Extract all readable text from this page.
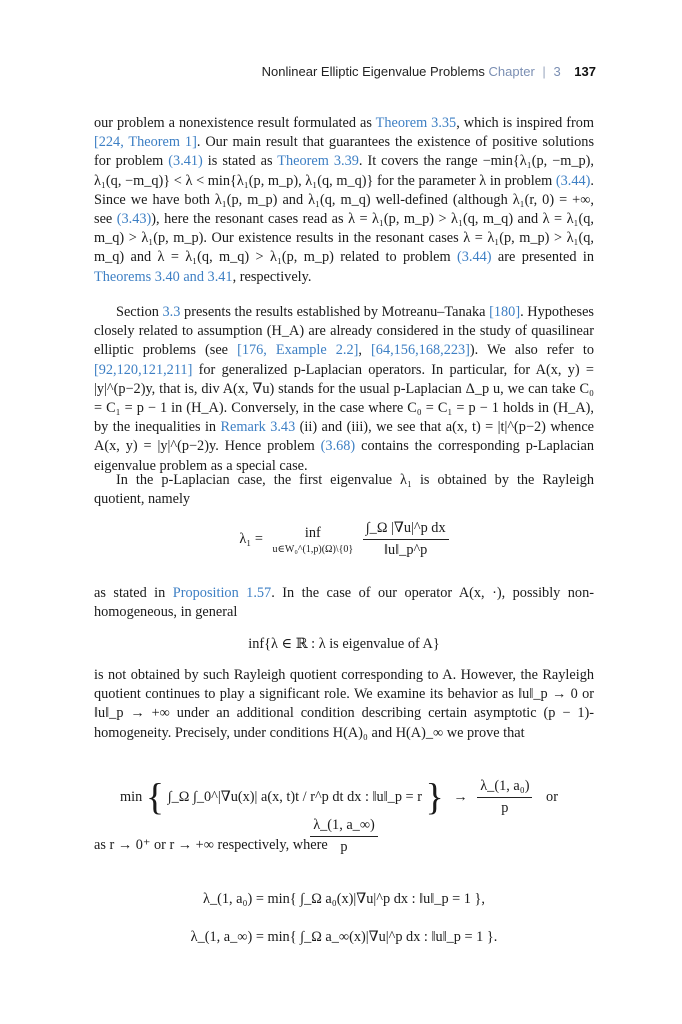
Nonlinear Elliptic Eigenvalue Problems Chapter | 3 137

our problem a nonexistence result formulated as Theorem 3.35, which is inspired from [224, Theorem 1]. Our main result that guarantees the existence of positive solutions for problem (3.41) is stated as Theorem 3.39. It covers the range −min{λ₁(p, −m_p), λ₁(q, −m_q)} < λ < min{λ₁(p, m_p), λ₁(q, m_q)} for the parameter λ in problem (3.44). Since we have both λ₁(p, m_p) and λ₁(q, m_q) well-defined (although λ₁(r, 0) = +∞, see (3.43)), here the resonant cases read as λ = λ₁(p, m_p) > λ₁(q, m_q) and λ = λ₁(q, m_q) > λ₁(p, m_p). Our existence results in the resonant cases λ = λ₁(p, m_p) > λ₁(q, m_q) and λ = λ₁(q, m_q) > λ₁(p, m_p) related to problem (3.44) are presented in Theorems 3.40 and 3.41, respectively.

Section 3.3 presents the results established by Motreanu–Tanaka [180]. Hypotheses closely related to assumption (H_A) are already considered in the study of quasilinear elliptic problems (see [176, Example 2.2], [64,156,168,223]). We also refer to [92,120,121,211] for generalized p-Laplacian operators. In particular, for A(x, y) = |y|^(p−2)y, that is, div A(x, ∇u) stands for the usual p-Laplacian Δ_p u, we can take C₀ = C₁ = p − 1 in (H_A). Conversely, in the case where C₀ = C₁ = p − 1 holds in (H_A), by the inequalities in Remark 3.43 (ii) and (iii), we see that a(x, t) = |t|^(p−2) whence A(x, y) = |y|^(p−2)y. Hence problem (3.68) contains the corresponding p-Laplacian eigenvalue problem as a special case.

In the p-Laplacian case, the first eigenvalue λ₁ is obtained by the Rayleigh quotient, namely

λ₁ =	inf
u∈W₀^(1,p)(Ω)\{0}
$\frac{\text{∫\_Ω |∇u|\textasciicircum{}p dx}}{‖u‖\_p\^{}p}$

as stated in Proposition 1.57. In the case of our operator A(x, ·), possibly non-homogeneous, in general

inf{λ ∈ ℝ : λ is eigenvalue of A}

is not obtained by such Rayleigh quotient corresponding to A. However, the Rayleigh quotient continues to play a significant role. We examine its behavior as ‖u‖_p → 0 or ‖u‖_p → +∞ under an additional condition describing certain asymptotic (p − 1)-homogeneity. Precisely, under conditions H(A)₀ and H(A)_∞ we prove that

min { ∫_Ω ∫_0^|∇u(x)| a(x, t)t / r^p dt dx : ‖u‖_p = r } → $\frac{\text{λ\_(1, a₀)}}{p}$ or
$\frac{\lambda\_(1, a\_\infty)}{p}$

as r → 0⁺ or r → +∞ respectively, where

λ_(1, a₀) = min{ ∫_Ω a₀(x)|∇u|^p dx : ‖u‖_p = 1 },
λ_(1, a_∞) = min{ ∫_Ω a_∞(x)|∇u|^p dx : ‖u‖_p = 1 }.
